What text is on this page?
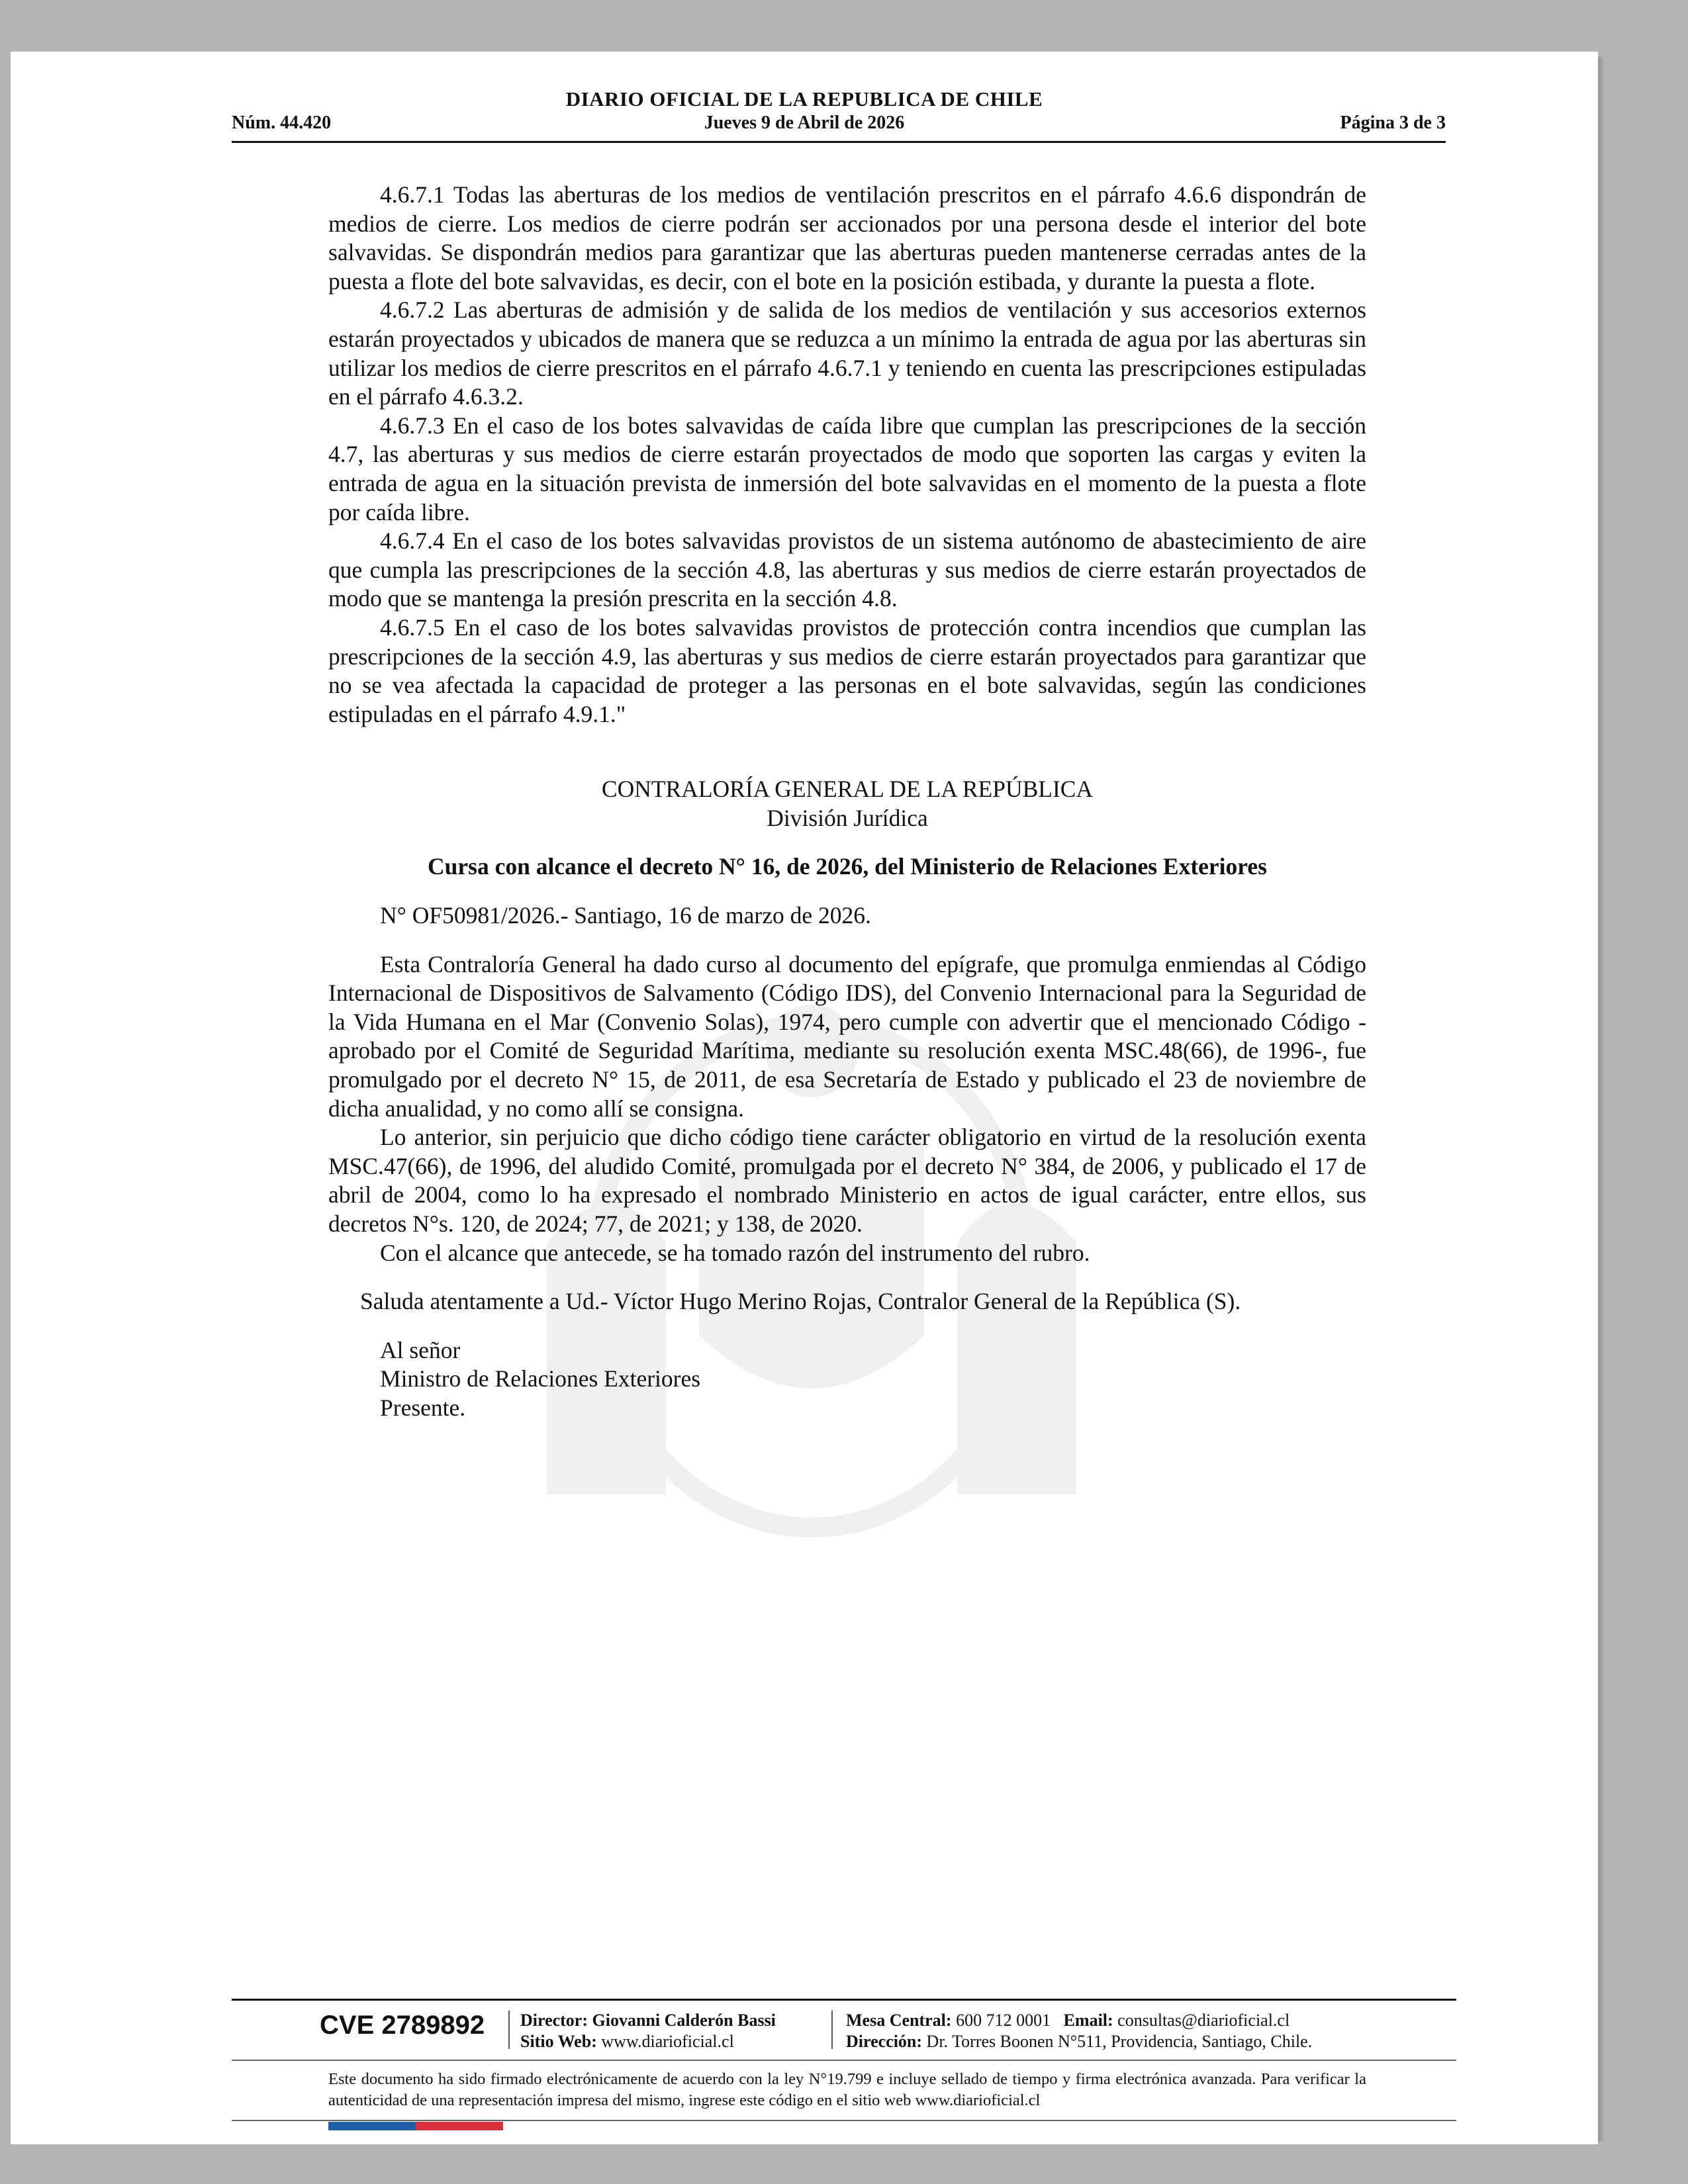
DIARIO OFICIAL DE LA REPUBLICA DE CHILE
Núm. 44.420	Jueves 9 de Abril de 2026	Página 3 de 3

4.6.7.1 Todas las aberturas de los medios de ventilación prescritos en el párrafo 4.6.6 dispondrán de medios de cierre. Los medios de cierre podrán ser accionados por una persona desde el interior del bote salvavidas. Se dispondrán medios para garantizar que las aberturas pueden mantenerse cerradas antes de la puesta a flote del bote salvavidas, es decir, con el bote en la posición estibada, y durante la puesta a flote.

4.6.7.2 Las aberturas de admisión y de salida de los medios de ventilación y sus accesorios externos estarán proyectados y ubicados de manera que se reduzca a un mínimo la entrada de agua por las aberturas sin utilizar los medios de cierre prescritos en el párrafo 4.6.7.1 y teniendo en cuenta las prescripciones estipuladas en el párrafo 4.6.3.2.

4.6.7.3 En el caso de los botes salvavidas de caída libre que cumplan las prescripciones de la sección 4.7, las aberturas y sus medios de cierre estarán proyectados de modo que soporten las cargas y eviten la entrada de agua en la situación prevista de inmersión del bote salvavidas en el momento de la puesta a flote por caída libre.

4.6.7.4 En el caso de los botes salvavidas provistos de un sistema autónomo de abastecimiento de aire que cumpla las prescripciones de la sección 4.8, las aberturas y sus medios de cierre estarán proyectados de modo que se mantenga la presión prescrita en la sección 4.8.

4.6.7.5 En el caso de los botes salvavidas provistos de protección contra incendios que cumplan las prescripciones de la sección 4.9, las aberturas y sus medios de cierre estarán proyectados para garantizar que no se vea afectada la capacidad de proteger a las personas en el bote salvavidas, según las condiciones estipuladas en el párrafo 4.9.1."

CONTRALORÍA GENERAL DE LA REPÚBLICA

División Jurídica

Cursa con alcance el decreto N° 16, de 2026, del Ministerio de Relaciones Exteriores

N° OF50981/2026.- Santiago, 16 de marzo de 2026.

Esta Contraloría General ha dado curso al documento del epígrafe, que promulga enmiendas al Código Internacional de Dispositivos de Salvamento (Código IDS), del Convenio Internacional para la Seguridad de la Vida Humana en el Mar (Convenio Solas), 1974, pero cumple con advertir que el mencionado Código -aprobado por el Comité de Seguridad Marítima, mediante su resolución exenta MSC.48(66), de 1996-, fue promulgado por el decreto N° 15, de 2011, de esa Secretaría de Estado y publicado el 23 de noviembre de dicha anualidad, y no como allí se consigna.

Lo anterior, sin perjuicio que dicho código tiene carácter obligatorio en virtud de la resolución exenta MSC.47(66), de 1996, del aludido Comité, promulgada por el decreto N° 384, de 2006, y publicado el 17 de abril de 2004, como lo ha expresado el nombrado Ministerio en actos de igual carácter, entre ellos, sus decretos N°s. 120, de 2024; 77, de 2021; y 138, de 2020.

Con el alcance que antecede, se ha tomado razón del instrumento del rubro.

Saluda atentamente a Ud.- Víctor Hugo Merino Rojas, Contralor General de la República (S).

Al señor

Ministro de Relaciones Exteriores

Presente.

CVE 2789892 Director: Giovanni Calderón Bassi
Sitio Web: www.diarioficial.cl
Mesa Central: 600 712 0001 Email: consultas@diarioficial.cl
Dirección: Dr. Torres Boonen N°511, Providencia, Santiago, Chile.
Este documento ha sido firmado electrónicamente de acuerdo con la ley N°19.799 e incluye sellado de tiempo y firma electrónica avanzada. Para verificar la autenticidad de una representación impresa del mismo, ingrese este código en el sitio web www.diarioficial.cl
